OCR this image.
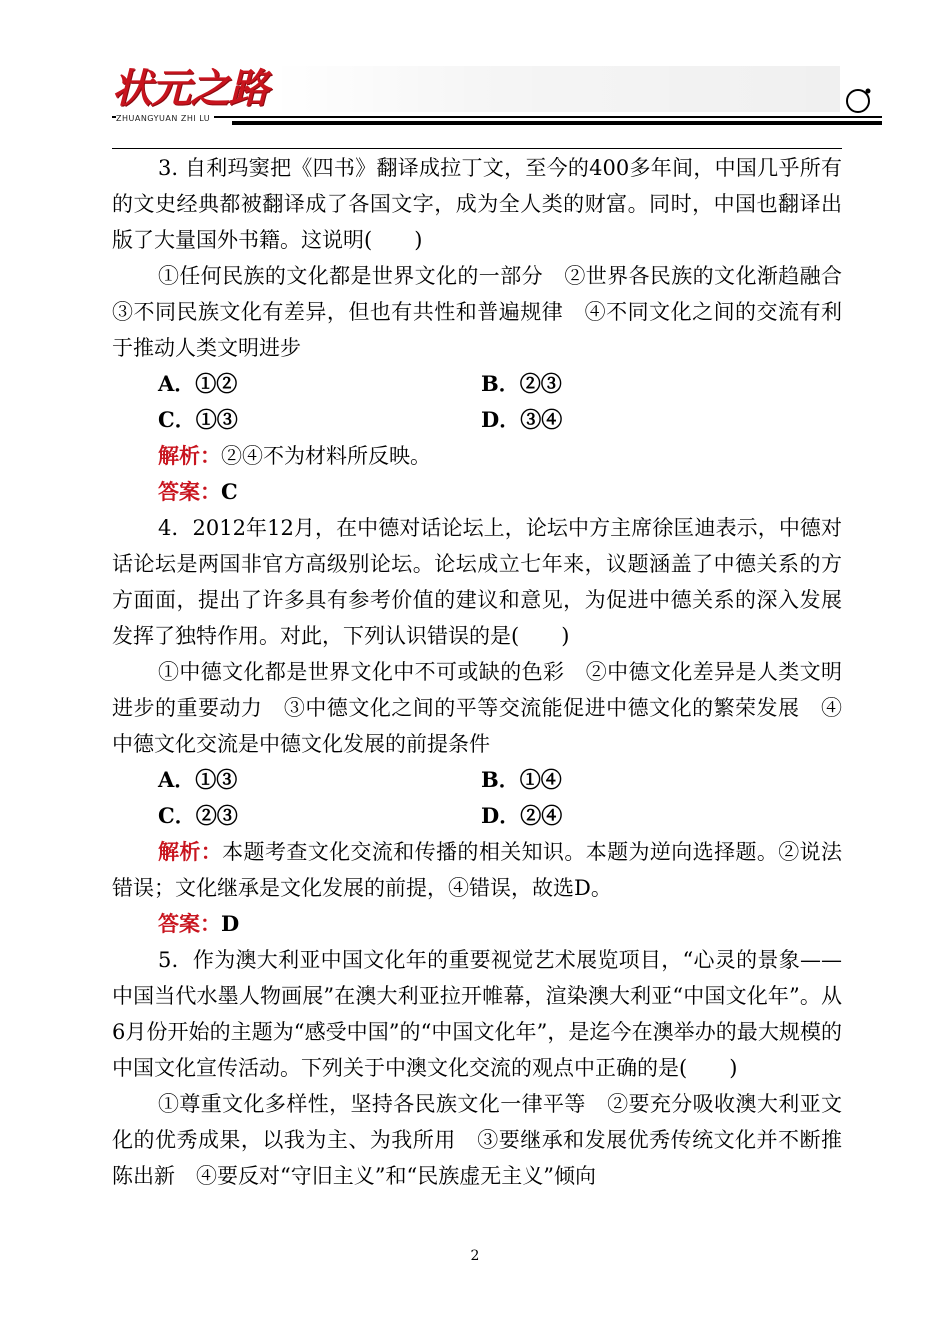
状元之路
ZHUANGYUAN ZHI LU

3. 自利玛窦把《四书》翻译成拉丁文，至今的400多年间，中国几乎所有的文史经典都被翻译成了各国文字，成为全人类的财富。同时，中国也翻译出版了大量国外书籍。这说明(　　)

①任何民族的文化都是世界文化的一部分　②世界各民族的文化渐趋融合　③不同民族文化有差异，但也有共性和普遍规律　④不同文化之间的交流有利于推动人类文明进步

A．①②	B．②③
C．①③	D．③④

解析：②④不为材料所反映。

答案：C

4．2012年12月，在中德对话论坛上，论坛中方主席徐匡迪表示，中德对话论坛是两国非官方高级别论坛。论坛成立七年来，议题涵盖了中德关系的方方面面，提出了许多具有参考价值的建议和意见，为促进中德关系的深入发展发挥了独特作用。对此，下列认识错误的是(　　)

①中德文化都是世界文化中不可或缺的色彩　②中德文化差异是人类文明进步的重要动力　③中德文化之间的平等交流能促进中德文化的繁荣发展　④中德文化交流是中德文化发展的前提条件

A．①③	B．①④
C．②③	D．②④

解析：本题考查文化交流和传播的相关知识。本题为逆向选择题。②说法错误；文化继承是文化发展的前提，④错误，故选D。

答案：D

5．作为澳大利亚中国文化年的重要视觉艺术展览项目，“心灵的景象——中国当代水墨人物画展”在澳大利亚拉开帷幕，渲染澳大利亚“中国文化年”。从6月份开始的主题为“感受中国”的“中国文化年”，是迄今在澳举办的最大规模的中国文化宣传活动。下列关于中澳文化交流的观点中正确的是(　　)

①尊重文化多样性，坚持各民族文化一律平等　②要充分吸收澳大利亚文化的优秀成果，以我为主、为我所用　③要继承和发展优秀传统文化并不断推陈出新　④要反对“守旧主义”和“民族虚无主义”倾向

2
